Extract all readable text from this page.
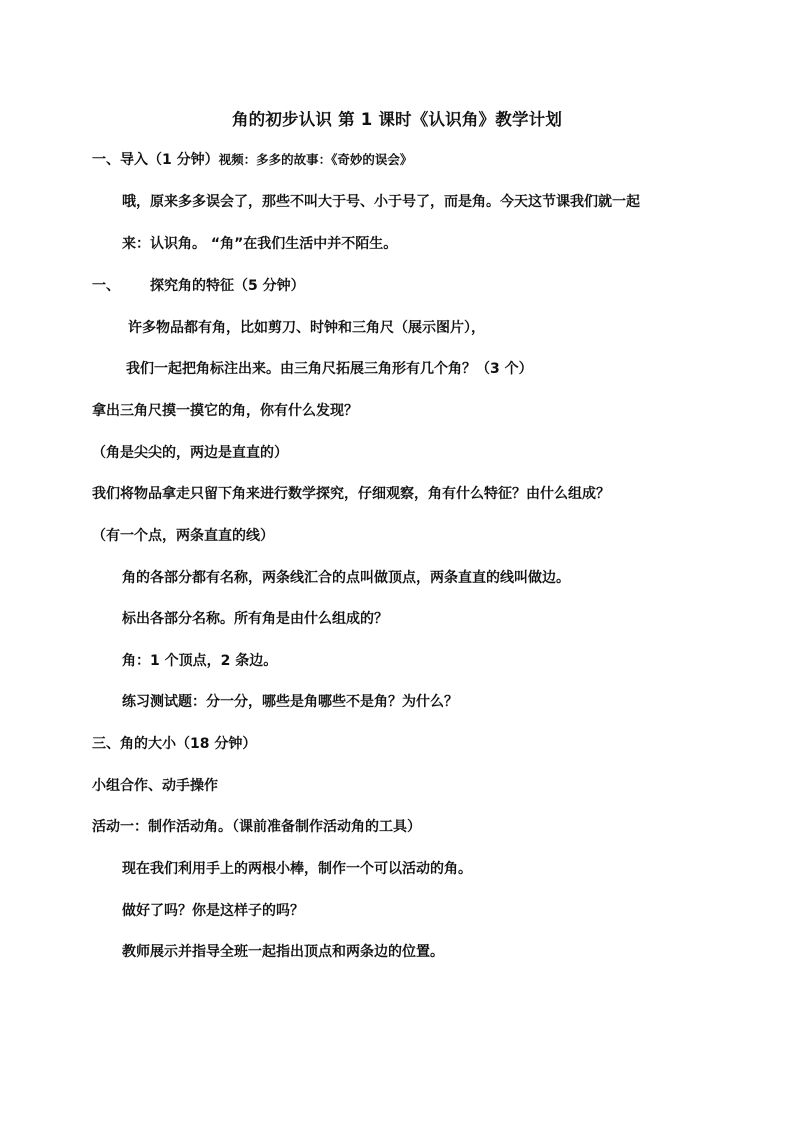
角的初步认识 第 1 课时《认识角》教学计划
一、导入（1 分钟）视频：多多的故事：《奇妙的误会》
哦，原来多多误会了，那些不叫大于号、小于号了，而是角。今天这节课我们就一起
来：认识角。 “角”在我们生活中并不陌生。
一、 探究角的特征（5 分钟）
许多物品都有角，比如剪刀、时钟和三角尺（展示图片），
我们一起把角标注出来。由三角尺拓展三角形有几个角？（3 个）
拿出三角尺摸一摸它的角，你有什么发现？
（角是尖尖的，两边是直直的）
我们将物品拿走只留下角来进行数学探究，仔细观察，角有什么特征？由什么组成？
（有一个点，两条直直的线）
角的各部分都有名称，两条线汇合的点叫做顶点，两条直直的线叫做边。
标出各部分名称。所有角是由什么组成的？
角：1 个顶点，2 条边。
练习测试题：分一分，哪些是角哪些不是角？为什么？
三、角的大小（18 分钟）
小组合作、动手操作
活动一：制作活动角。（课前准备制作活动角的工具）
现在我们利用手上的两根小棒，制作一个可以活动的角。
做好了吗？你是这样子的吗？
教师展示并指导全班一起指出顶点和两条边的位置。
